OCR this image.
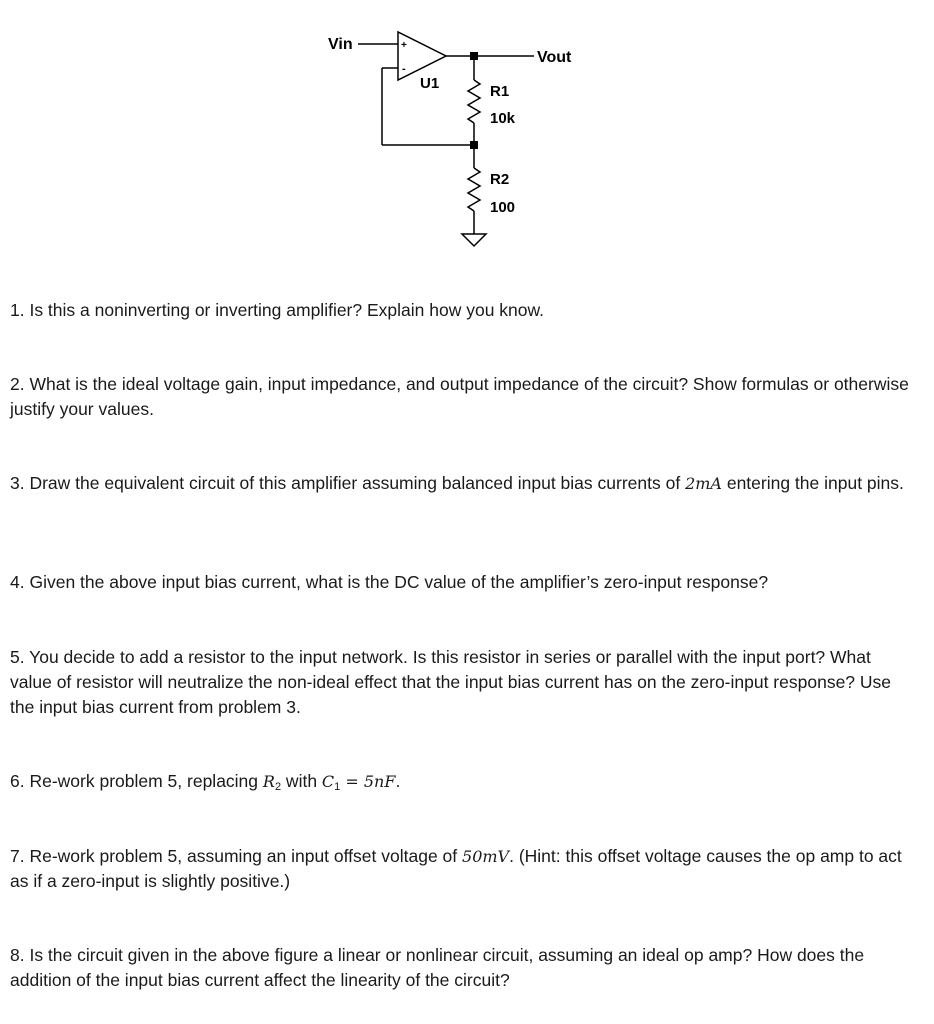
Vin
Vout
U1
+
-
R1
10k
R2
100

1. Is this a noninverting or inverting amplifier? Explain how you know.

2. What is the ideal voltage gain, input impedance, and output impedance of the circuit? Show formulas or otherwise justify your values.

3. Draw the equivalent circuit of this amplifier assuming balanced input bias currents of 2mA entering the input pins.

4. Given the above input bias current, what is the DC value of the amplifier’s zero-input response?

5. You decide to add a resistor to the input network. Is this resistor in series or parallel with the input port? What value of resistor will neutralize the non-ideal effect that the input bias current has on the zero-input response? Use the input bias current from problem 3.

6. Re-work problem 5, replacing $R_2$ with $C_1 = 5nF$.

7. Re-work problem 5, assuming an input offset voltage of 50mV. (Hint: this offset voltage causes the op amp to act as if a zero-input is slightly positive.)

8. Is the circuit given in the above figure a linear or nonlinear circuit, assuming an ideal op amp? How does the addition of the input bias current affect the linearity of the circuit?
